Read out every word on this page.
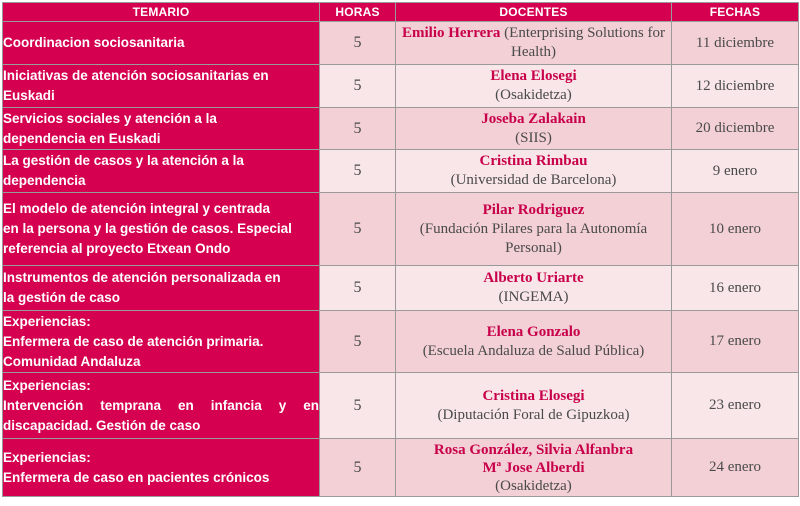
TEMARIO	HORAS	DOCENTES	FECHAS

Coordinacion sociosanitaria	5	Emilio Herrera (Enterprising Solutions for Health)	11 diciembre

Iniciativas de atención sociosanitarias en
Euskadi	5	Elena Elosegi
(Osakidetza)	12 diciembre

Servicios sociales y atención a la
dependencia en Euskadi	5	Joseba Zalakain
(SIIS)	20 diciembre

La gestión de casos y la atención a la
dependencia	5	Cristina Rimbau
(Universidad de Barcelona)	9 enero

El modelo de atención integral y centrada
en la persona y la gestión de casos. Especial
referencia al proyecto Etxean Ondo	5	Pilar Rodriguez
(Fundación Pilares para la Autonomía Personal)	10 enero

Instrumentos de atención personalizada en
la gestión de caso	5	Alberto Uriarte
(INGEMA)	16 enero

Experiencias:
Enfermera de caso de atención primaria.
Comunidad Andaluza	5	Elena Gonzalo
(Escuela Andaluza de Salud Pública)	17 enero

Experiencias:
Intervención temprana en infancia y en
discapacidad. Gestión de caso	5	Cristina Elosegi
(Diputación Foral de Gipuzkoa)	23 enero

Experiencias:
Enfermera de caso en pacientes crónicos	5	Rosa González, Silvia Alfanbra
Mª Jose Alberdi
(Osakidetza)	24 enero
